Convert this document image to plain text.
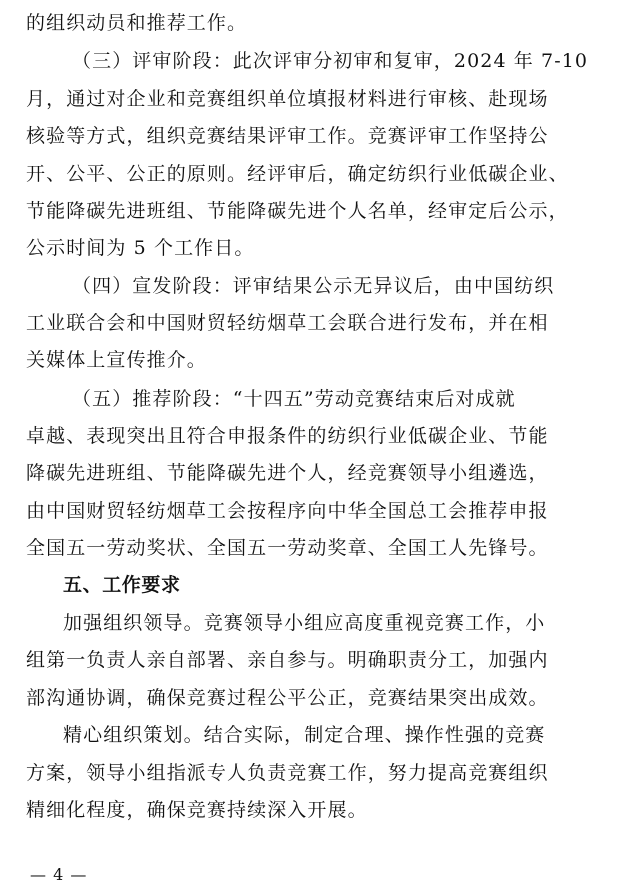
的组织动员和推荐工作。
（三）评审阶段：此次评审分初审和复审，2024 年 7-10
月，通过对企业和竞赛组织单位填报材料进行审核、赴现场
核验等方式，组织竞赛结果评审工作。竞赛评审工作坚持公
开、公平、公正的原则。经评审后，确定纺织行业低碳企业、
节能降碳先进班组、节能降碳先进个人名单，经审定后公示，
公示时间为 5 个工作日。
（四）宣发阶段：评审结果公示无异议后，由中国纺织
工业联合会和中国财贸轻纺烟草工会联合进行发布，并在相
关媒体上宣传推介。
（五）推荐阶段：“十四五”劳动竞赛结束后对成就
卓越、表现突出且符合申报条件的纺织行业低碳企业、节能
降碳先进班组、节能降碳先进个人，经竞赛领导小组遴选，
由中国财贸轻纺烟草工会按程序向中华全国总工会推荐申报
全国五一劳动奖状、全国五一劳动奖章、全国工人先锋号。
五、工作要求
加强组织领导。竞赛领导小组应高度重视竞赛工作，小
组第一负责人亲自部署、亲自参与。明确职责分工，加强内
部沟通协调，确保竞赛过程公平公正，竞赛结果突出成效。
精心组织策划。结合实际，制定合理、操作性强的竞赛
方案，领导小组指派专人负责竞赛工作，努力提高竞赛组织
精细化程度，确保竞赛持续深入开展。
— 4 —
